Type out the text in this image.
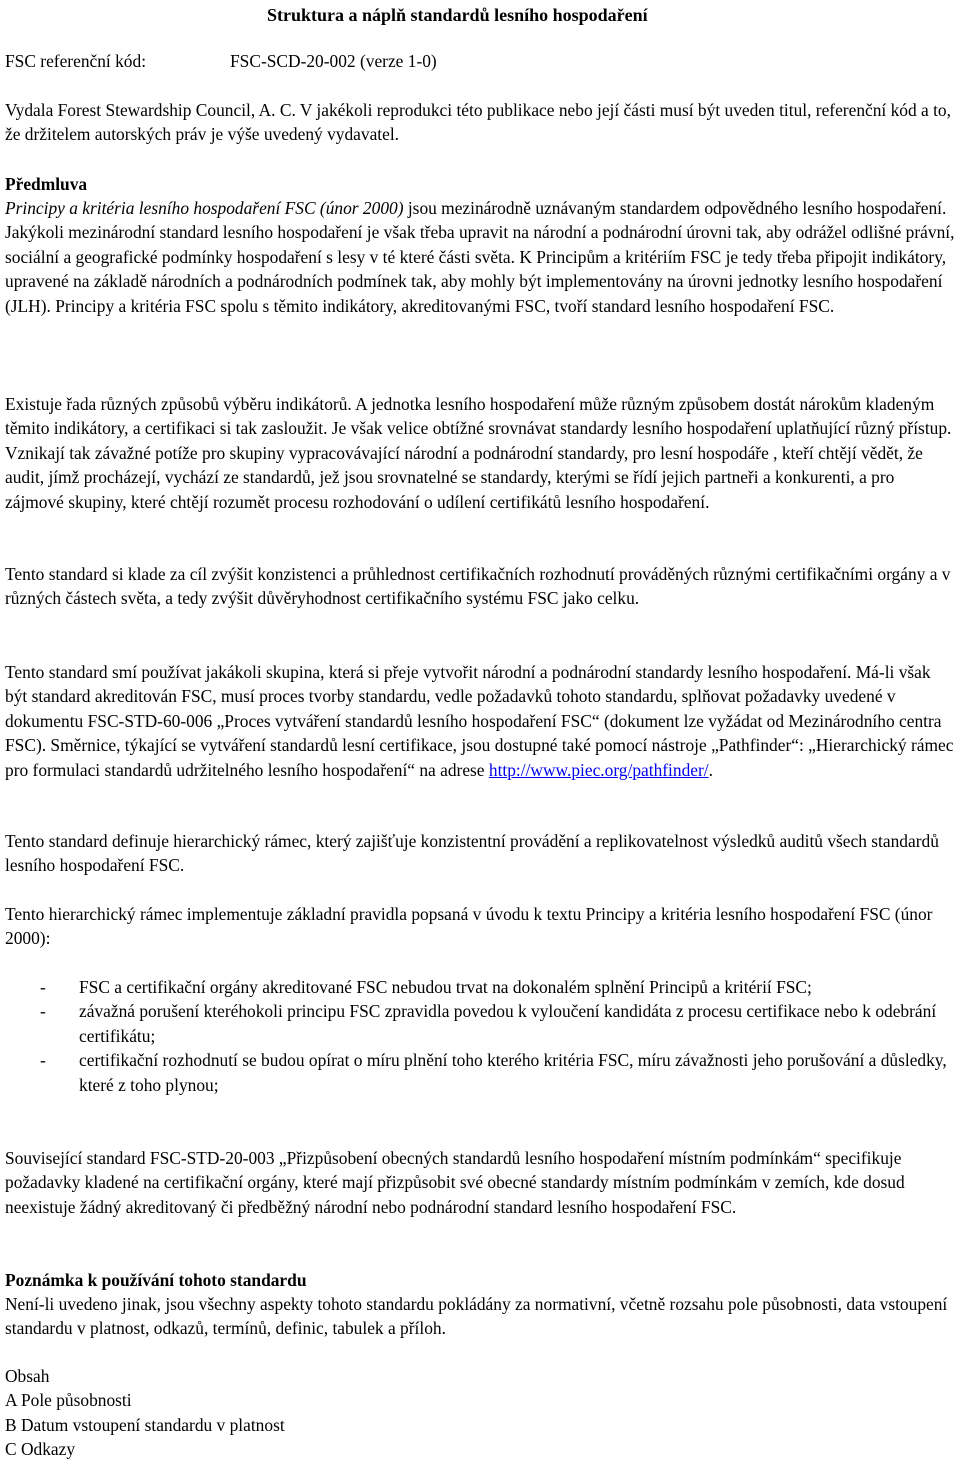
Struktura a náplň standardů lesního hospodaření
FSC referenční kód:	FSC-SCD-20-002 (verze 1-0)

Vydala Forest Stewardship Council, A. C. V jakékoli reprodukci této publikace nebo její části musí být uveden titul, referenční kód a to, že držitelem autorských práv je výše uvedený vydavatel.

Předmluva

Principy a kritéria lesního hospodaření FSC (únor 2000) jsou mezinárodně uznávaným standardem odpovědného lesního hospodaření. Jakýkoli mezinárodní standard lesního hospodaření je však třeba upravit na národní a podnárodní úrovni tak, aby odrážel odlišné právní, sociální a geografické podmínky hospodaření s lesy v té které části světa. K Principům a kritériím FSC je tedy třeba připojit indikátory, upravené na základě národních a podnárodních podmínek tak, aby mohly být implementovány na úrovni jednotky lesního hospodaření (JLH). Principy a kritéria FSC spolu s těmito indikátory, akreditovanými FSC, tvoří standard lesního hospodaření FSC.

Existuje řada různých způsobů výběru indikátorů. A jednotka lesního hospodaření může různým způsobem dostát nárokům kladeným těmito indikátory, a certifikaci si tak zasloužit. Je však velice obtížné srovnávat standardy lesního hospodaření uplatňující různý přístup. Vznikají tak závažné potíže pro skupiny vypracovávající národní a podnárodní standardy, pro lesní hospodáře , kteří chtějí vědět, že audit, jímž procházejí, vychází ze standardů, jež jsou srovnatelné se standardy, kterými se řídí jejich partneři a konkurenti, a pro zájmové skupiny, které chtějí rozumět procesu rozhodování o udílení certifikátů lesního hospodaření.

Tento standard si klade za cíl zvýšit konzistenci a průhlednost certifikačních rozhodnutí prováděných různými certifikačními orgány a v různých částech světa, a tedy zvýšit důvěryhodnost certifikačního systému FSC jako celku.

Tento standard smí používat jakákoli skupina, která si přeje vytvořit národní a podnárodní standardy lesního hospodaření. Má-li však být standard akreditován FSC, musí proces tvorby standardu, vedle požadavků tohoto standardu, splňovat požadavky uvedené v dokumentu FSC-STD-60-006 „Proces vytváření standardů lesního hospodaření FSC“ (dokument lze vyžádat od Mezinárodního centra FSC). Směrnice, týkající se vytváření standardů lesní certifikace, jsou dostupné také pomocí nástroje „Pathfinder“: „Hierarchický rámec pro formulaci standardů udržitelného lesního hospodaření“ na adrese http://www.piec.org/pathfinder/.

Tento standard definuje hierarchický rámec, který zajišťuje konzistentní provádění a replikovatelnost výsledků auditů všech standardů lesního hospodaření FSC.

Tento hierarchický rámec implementuje základní pravidla popsaná v úvodu k textu Principy a kritéria lesního hospodaření FSC (únor 2000):

- FSC a certifikační orgány akreditované FSC nebudou trvat na dokonalém splnění Principů a kritérií FSC;
- závažná porušení kteréhokoli principu FSC zpravidla povedou k vyloučení kandidáta z procesu certifikace nebo k odebrání certifikátu;
- certifikační rozhodnutí se budou opírat o míru plnění toho kterého kritéria FSC, míru závažnosti jeho porušování a důsledky, které z toho plynou;

Související standard FSC-STD-20-003 „Přizpůsobení obecných standardů lesního hospodaření místním podmínkám“ specifikuje požadavky kladené na certifikační orgány, které mají přizpůsobit své obecné standardy místním podmínkám v zemích, kde dosud neexistuje žádný akreditovaný či předběžný národní nebo podnárodní standard lesního hospodaření FSC.

Poznámka k používání tohoto standardu

Není-li uvedeno jinak, jsou všechny aspekty tohoto standardu pokládány za normativní, včetně rozsahu pole působnosti, data vstoupení standardu v platnost, odkazů, termínů, definic, tabulek a příloh.

Obsah
A Pole působnosti
B Datum vstoupení standardu v platnost
C Odkazy
